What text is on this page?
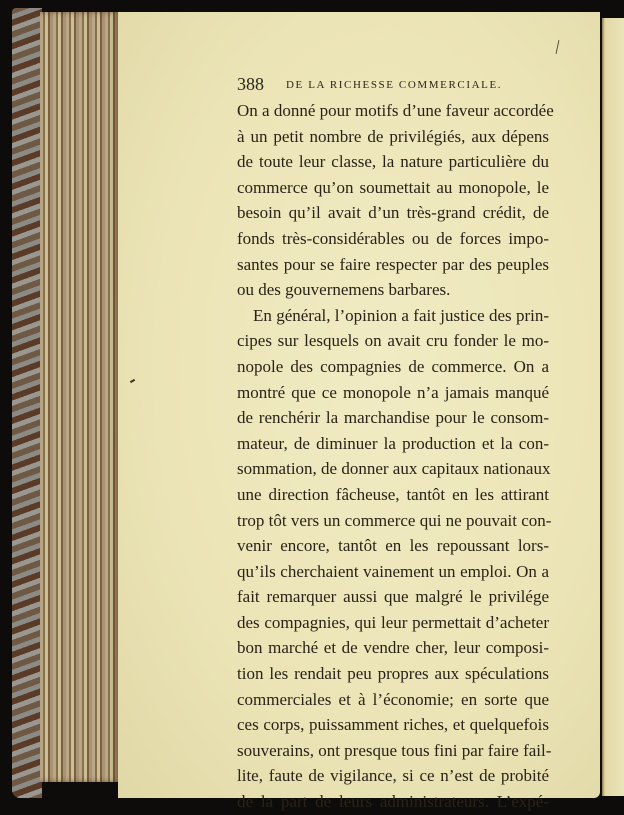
388 DE LA RICHESSE COMMERCIALE.
On a donné pour motifs d’une faveur accordée
à un petit nombre de privilégiés, aux dépens
de toute leur classe, la nature particulière du
commerce qu’on soumettait au monopole, le
besoin qu’il avait d’un très-grand crédit, de
fonds très-considérables ou de forces impo-
santes pour se faire respecter par des peuples
ou des gouvernemens barbares.
En général, l’opinion a fait justice des prin-
cipes sur lesquels on avait cru fonder le mo-
nopole des compagnies de commerce. On a
montré que ce monopole n’a jamais manqué
de renchérir la marchandise pour le consom-
mateur, de diminuer la production et la con-
sommation, de donner aux capitaux nationaux
une direction fâcheuse, tantôt en les attirant
trop tôt vers un commerce qui ne pouvait con-
venir encore, tantôt en les repoussant lors-
qu’ils cherchaient vainement un emploi. On a
fait remarquer aussi que malgré le privilége
des compagnies, qui leur permettait d’acheter
bon marché et de vendre cher, leur composi-
tion les rendait peu propres aux spéculations
commerciales et à l’économie; en sorte que
ces corps, puissamment riches, et quelquefois
souverains, ont presque tous fini par faire fail-
lite, faute de vigilance, si ce n’est de probité
de la part de leurs administrateurs. L’expé-
